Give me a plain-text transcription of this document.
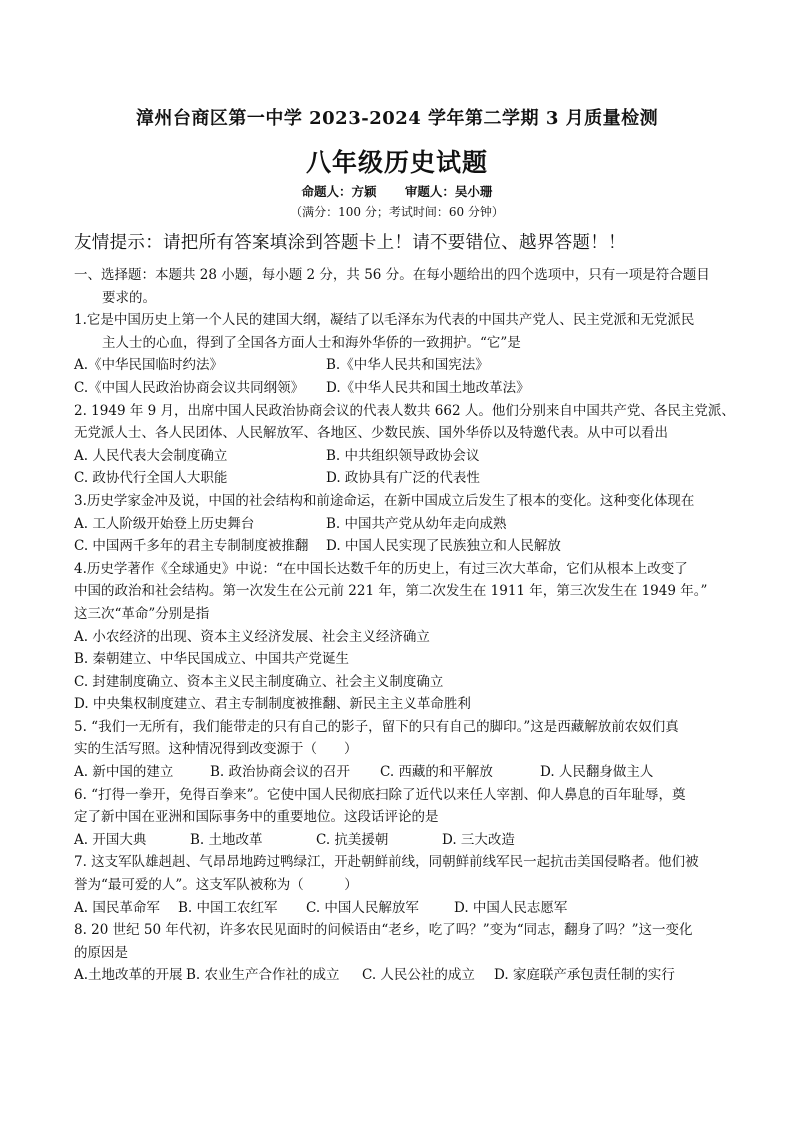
漳州台商区第一中学 2023-2024 学年第二学期 3 月质量检测
八年级历史试题
命题人：方颖 审题人：吴小珊
（满分：100 分；考试时间：60 分钟）
友情提示：请把所有答案填涂到答题卡上！请不要错位、越界答题！！
一、选择题：本题共 28 小题，每小题 2 分，共 56 分。在每小题给出的四个选项中，只有一项是符合题目
要求的。
1.它是中国历史上第一个人民的建国大纲，凝结了以毛泽东为代表的中国共产党人、民主党派和无党派民
主人士的心血，得到了全国各方面人士和海外华侨的一致拥护。“它”是
A.《中华民国临时约法》	B.《中华人民共和国宪法》
C.《中国人民政治协商会议共同纲领》 D.《中华人民共和国土地改革法》
2. 1949 年 9 月，出席中国人民政治协商会议的代表人数共 662 人。他们分别来自中国共产党、各民主党派、
无党派人士、各人民团体、人民解放军、各地区、少数民族、国外华侨以及特邀代表。从中可以看出
A. 人民代表大会制度确立	B. 中共组织领导政协会议
C. 政协代行全国人大职能	D. 政协具有广泛的代表性
3.历史学家金冲及说，中国的社会结构和前途命运，在新中国成立后发生了根本的变化。这种变化体现在
A. 工人阶级开始登上历史舞台	B. 中国共产党从幼年走向成熟
C. 中国两千多年的君主专制制度被推翻 D. 中国人民实现了民族独立和人民解放
4.历史学著作《全球通史》中说：“在中国长达数千年的历史上，有过三次大革命，它们从根本上改变了
中国的政治和社会结构。第一次发生在公元前 221 年，第二次发生在 1911 年，第三次发生在 1949 年。”
这三次“革命”分别是指
A. 小农经济的出现、资本主义经济发展、社会主义经济确立
B. 秦朝建立、中华民国成立、中国共产党诞生
C. 封建制度确立、资本主义民主制度确立、社会主义制度确立
D. 中央集权制度建立、君主专制制度被推翻、新民主主义革命胜利
5. “我们一无所有，我们能带走的只有自己的影子，留下的只有自己的脚印。”这是西藏解放前农奴们真
实的生活写照。这种情况得到改变源于（　　）
A. 新中国的建立	B. 政治协商会议的召开 C. 西藏的和平解放	D. 人民翻身做主人
6. “打得一拳开，免得百拳来”。它使中国人民彻底扫除了近代以来任人宰割、仰人鼻息的百年耻辱，奠
定了新中国在亚洲和国际事务中的重要地位。这段话评论的是
A. 开国大典	B. 土地改革	C. 抗美援朝	D. 三大改造
7. 这支军队雄赳赳、气昂昂地跨过鸭绿江，开赴朝鲜前线，同朝鲜前线军民一起抗击美国侵略者。他们被
誉为“最可爱的人”。这支军队被称为（　　　）
A. 国民革命军 B. 中国工农红军 C. 中国人民解放军	D. 中国人民志愿军
8. 20 世纪 50 年代初，许多农民见面时的问候语由“老乡，吃了吗？”变为“同志，翻身了吗？”这一变化
的原因是
A.土地改革的开展 B. 农业生产合作社的成立 C. 人民公社的成立 D. 家庭联产承包责任制的实行
